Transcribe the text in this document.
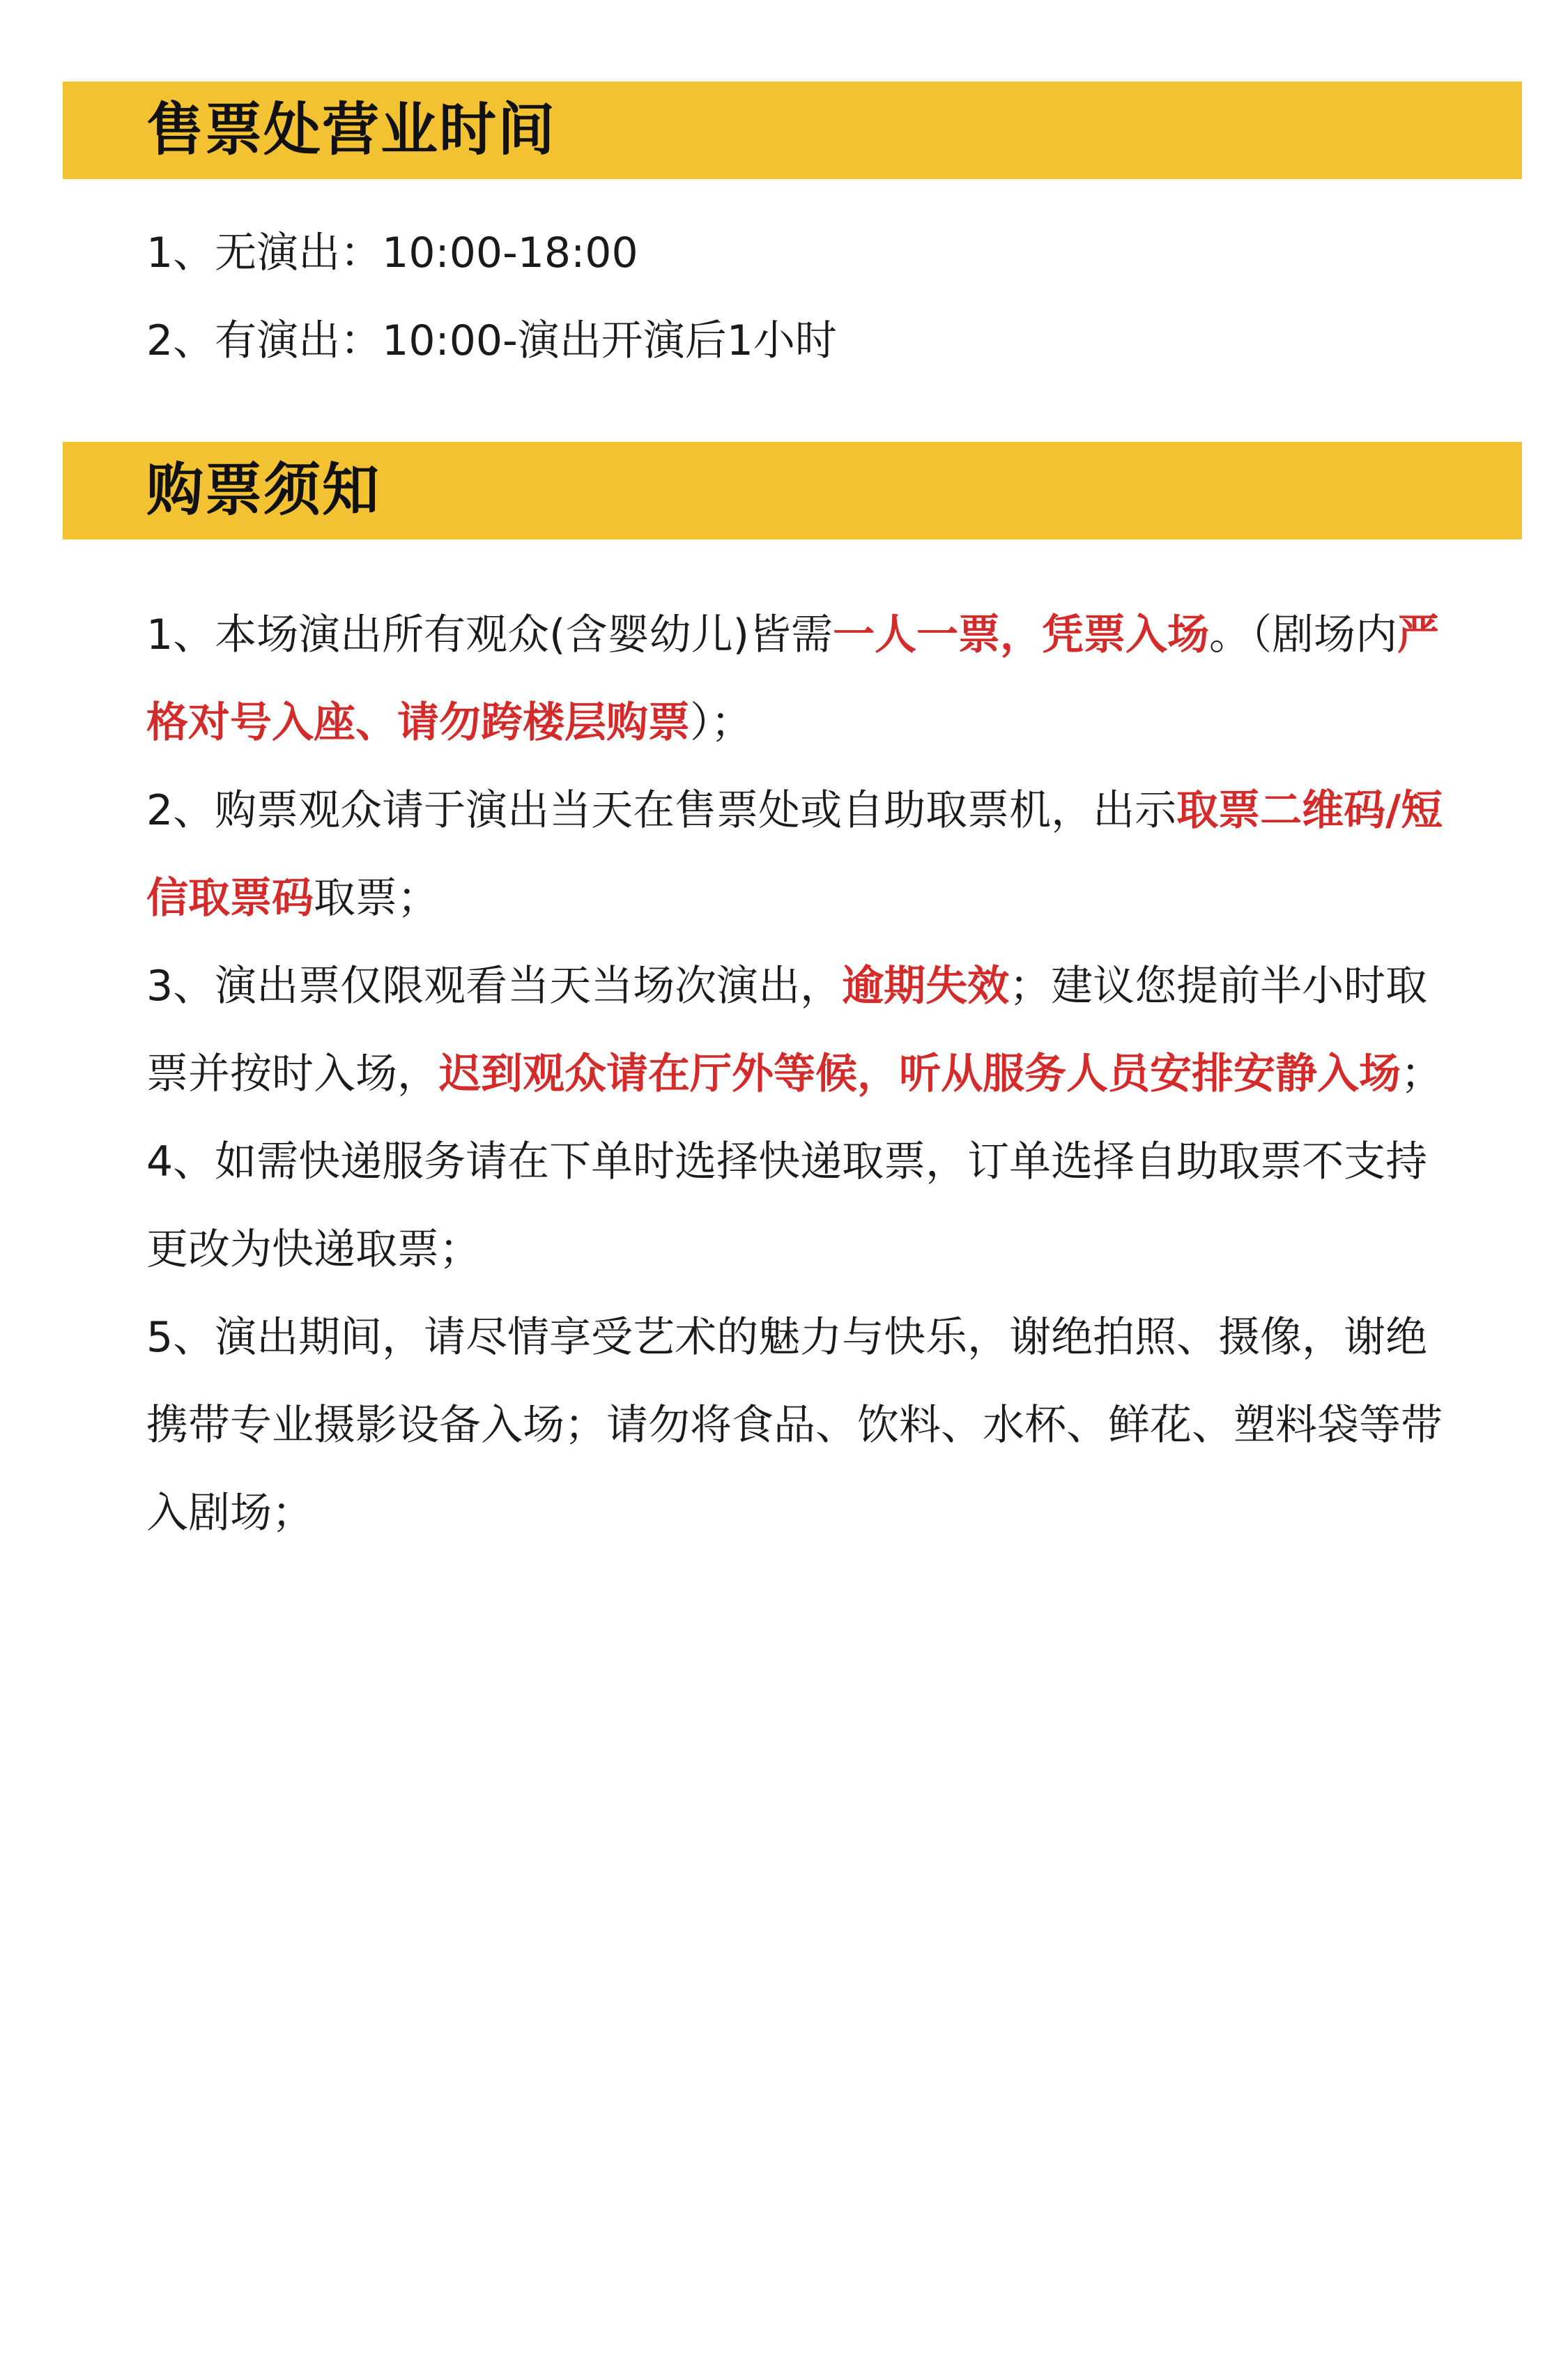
售票处营业时间
1、无演出：10:00-18:00
2、有演出：10:00-演出开演后1小时
购票须知
1、本场演出所有观众(含婴幼儿)皆需一人一票，凭票入场。（剧场内严格对号入座、请勿跨楼层购票）；
2、购票观众请于演出当天在售票处或自助取票机，出示取票二维码/短信取票码取票；
3、演出票仅限观看当天当场次演出，逾期失效；建议您提前半小时取票并按时入场，迟到观众请在厅外等候，听从服务人员安排安静入场；
4、如需快递服务请在下单时选择快递取票，订单选择自助取票不支持更改为快递取票；
5、演出期间，请尽情享受艺术的魅力与快乐，谢绝拍照、摄像，谢绝携带专业摄影设备入场；请勿将食品、饮料、水杯、鲜花、塑料袋等带入剧场；
